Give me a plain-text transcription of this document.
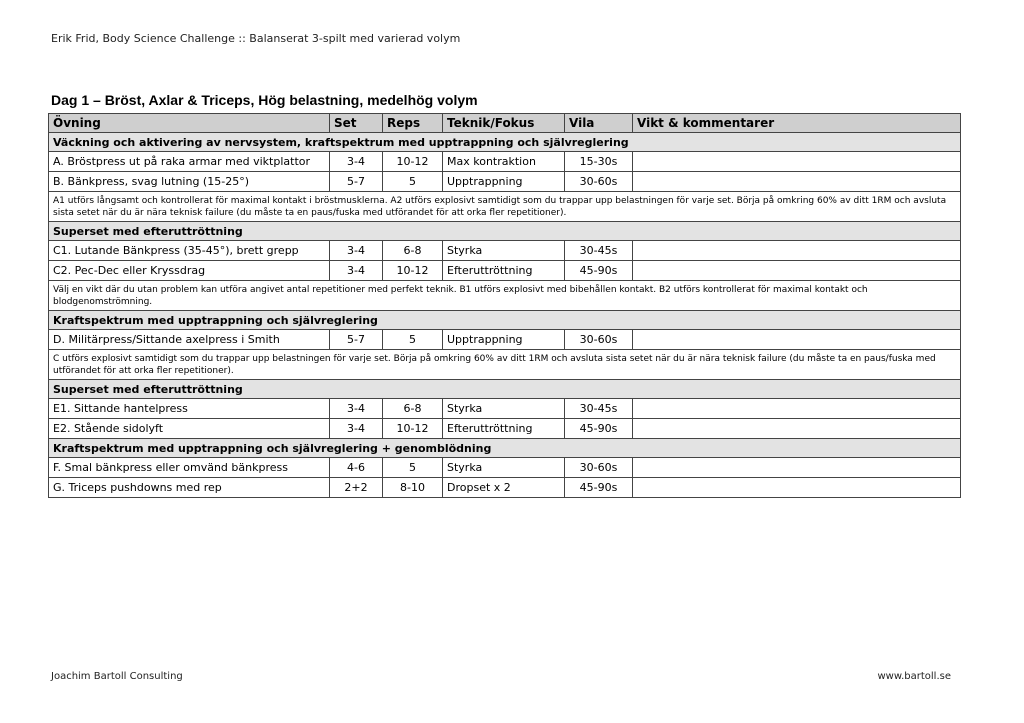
Erik Frid, Body Science Challenge :: Balanserat 3-spilt med varierad volym
Dag 1 – Bröst, Axlar & Triceps, Hög belastning, medelhög volym
Övning	Set	Reps	Teknik/Fokus	Vila	Vikt & kommentarer
Väckning och aktivering av nervsystem, kraftspektrum med upptrappning och självreglering					
A. Bröstpress ut på raka armar med viktplattor	3-4	10-12	Max kontraktion	15-30s	
B. Bänkpress, svag lutning (15-25°)	5-7	5	Upptrappning	30-60s	
A1 utförs långsamt och kontrollerat för maximal kontakt i bröstmusklerna. A2 utförs explosivt samtidigt som du trappar upp belastningen för varje set. Börja på omkring 60% av ditt 1RM och avsluta sista setet när du är nära teknisk failure (du måste ta en paus/fuska med utförandet för att orka fler repetitioner).					
Superset med efteruttröttning					
C1. Lutande Bänkpress (35-45°), brett grepp	3-4	6-8	Styrka	30-45s	
C2. Pec-Dec eller Kryssdrag	3-4	10-12	Efteruttröttning	45-90s	
Välj en vikt där du utan problem kan utföra angivet antal repetitioner med perfekt teknik. B1 utförs explosivt med bibehållen kontakt. B2 utförs kontrollerat för maximal kontakt och blodgenomströmning.					
Kraftspektrum med upptrappning och självreglering					
D. Militärpress/Sittande axelpress i Smith	5-7	5	Upptrappning	30-60s	
C utförs explosivt samtidigt som du trappar upp belastningen för varje set. Börja på omkring 60% av ditt 1RM och avsluta sista setet när du är nära teknisk failure (du måste ta en paus/fuska med utförandet för att orka fler repetitioner).					
Superset med efteruttröttning					
E1. Sittande hantelpress	3-4	6-8	Styrka	30-45s	
E2. Stående sidolyft	3-4	10-12	Efteruttröttning	45-90s	
Kraftspektrum med upptrappning och självreglering + genomblödning					
F. Smal bänkpress eller omvänd bänkpress	4-6	5	Styrka	30-60s	
G. Triceps pushdowns med rep	2+2	8-10	Dropset x 2	45-90s	
Joachim Bartoll Consulting	www.bartoll.se
